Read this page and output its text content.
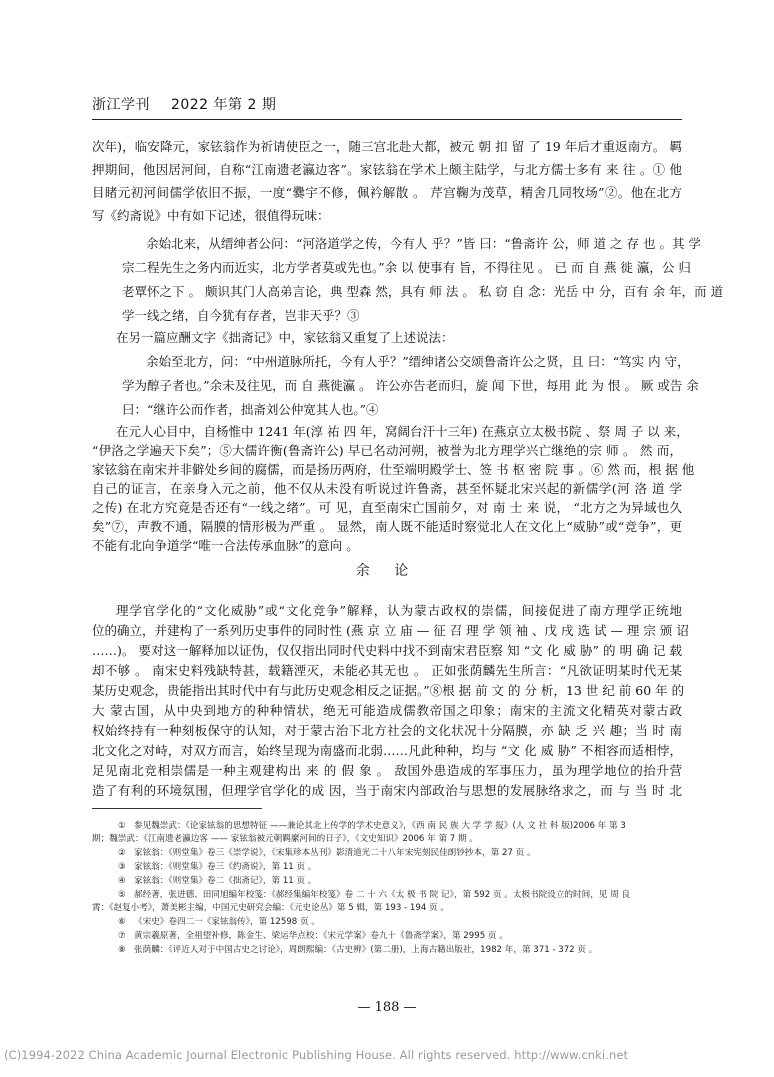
浙江学刊 2022 年第 2 期
次年)，临安降元，家铉翁作为祈请使臣之一，随三宫北赴大都，被元 朝 扣 留 了 19 年后才重返南方。 羁
押期间，他因居河间，自称“江南遗老瀛边客”。家铉翁在学术上颇主陆学，与北方儒士多有 来 往 。① 他
目睹元初河间儒学依旧不振，一度“爨宇不修，佩衿解散 。 芹宫鞠为茂草，精舍几同牧场”②。他在北方
写《约斋说》中有如下记述，很值得玩味：
余始北来，从缙绅者公问：“河洛道学之传，今有人 乎？”皆 曰：“鲁斋许 公，师 道 之 存 也 。其 学
宗二程先生之务内而近实，北方学者莫或先也。”余 以 使事有 旨，不得往见 。 已 而 自 燕 徙 瀛，公 归
老覃怀之下 。 颇识其门人高弟言论，典 型森 然，具有 师 法 。 私 窃 自 念：光岳 中 分，百有 余 年，而 道
学一线之绪，自今犹有存者，岂非天乎？③
在另一篇应酬文字《拙斋记》中，家铉翁又重复了上述说法：
余始至北方，问：“中州道脉所托，今有人乎？”缙绅诸公交颂鲁斋许公之贤，且 曰：“笃实 内 守，
学为醇子者也。”余未及往见，而 自 燕徙瀛 。 许公亦告老而归，旋 闻 下世，每用 此 为 恨 。 厥 或告 余
曰：“继许公而作者，拙斋刘公仲宽其人也。”④
在元人心目中，自杨惟中 1241 年(淳 祐 四 年，窝阔台汗十三年) 在燕京立太极书院 、祭 周 子 以 来，
“伊洛之学遍天下矣”；⑤大儒许衡(鲁斋许公) 早已名动河朔，被誉为北方理学兴亡继绝的宗 师 。 然 而，
家铉翁在南宋并非僻处乡间的腐儒，而是扬历两府，仕至端明殿学士、签 书 枢 密 院 事 。⑥ 然 而，根 据 他
自己的证言，在亲身入元之前，他不仅从未没有听说过许鲁斋，甚至怀疑北宋兴起的新儒学(河 洛 道 学
之传) 在北方究竟是否还有“一线之绪”。可 见，直至南宋亡国前夕，对 南 士 来 说， “北方之为异域也久
余 论
理学官学化的“文化威胁”或“文化竞争”解释，认为蒙古政权的崇儒，间接促进了南方理学正统地
位的确立，并建构了一系列历史事件的同时性 (燕 京 立 庙 — 征 召 理 学 领 袖 、戊 戌 选 试 — 理 宗 颁 诏
……)。 要对这一解释加以证伪，仅仅指出同时代史料中找不到南宋君臣察 知 “文 化 威 胁” 的 明 确 记 载
却不够 。 南宋史料残缺特甚，载籍湮灭，未能必其无也 。 正如张荫麟先生所言：“凡欲证明某时代无某
某历史观念，贵能指出其时代中有与此历史观念相反之证据。”⑧根 据 前 文 的 分 析，13 世 纪 前 60 年 的
大 蒙古国，从中央到地方的种种情状，绝无可能造成儒教帝国之印象；南宋的主流文化精英对蒙古政
权始终持有一种刻板保守的认知，对于蒙古治下北方社会的文化状况十分隔膜，亦 缺 乏 兴 趣；当 时 南
北文化之对峙，对双方而言，始终呈现为南盛而北弱……凡此种种，均与 “文 化 威 胁” 不相容而适相悖，
① 参见魏崇武：《论家铉翁的思想特征 ——兼论其北上传学的学术史意义》，《西 南 民 族 大 学 学 报》(人 文 社 科 版)2006 年 第 3
期；魏崇武：《江南遗老瀛边客 —— 家铉翁被元朝羁縻河间的日子》，《文史知识》2006 年 第 7 期 。
② 家铉翁：《则堂集》卷三《崇学说》，《宋集珍本丛刊》影清道光二十八年宋宪刻民佳朗钞抄本，第 27 页 。
③ 家铉翁：《则堂集》卷三《约斋说》，第 11 页 。
④ 家铉翁：《则堂集》卷二《拙斋记》，第 11 页 。
⑤ 郝经著，张进德、田同旭编年校笺：《郝经集编年校笺》卷 二 十 六《太 极 书 院 记》，第 592 页 。太极书院设立的时间，见 周 良
霄：《赵复小考》，萧美彬主编，中国元史研究会编：《元史论丛》第 5 辑，第 193 - 194 页 。
⑥ 《宋史》卷四二一《家铉翁传》，第 12598 页 。
⑦ 黄宗羲原著，全祖望补修，陈金生、梁运华点校：《宋元学案》卷九十《鲁斋学案》，第 2995 页 。
⑧ 张荫麟：《评近人对于中国古史之讨论》，周朗熙编：《古史辨》(第二册)，上海古籍出版社，1982 年，第 371 - 372 页 。
— 188 —
(C)1994-2022 China Academic Journal Electronic Publishing House. All rights reserved. http://www.cnki.net
矣”⑦，声教不通，隔膜的情形极为严重 。 显然，南人既不能适时察觉北人在文化上“威胁”或“竞争”，更
不能有北向争道学“唯一合法传承血脉”的意向 。
足见南北竞相崇儒是一种主观建构出 来 的 假 象 。 敌国外患造成的军事压力，虽为理学地位的抬升营
造了有利的环境氛围，但理学官学化的成 因，当于南宋内部政治与思想的发展脉络求之，而 与 当 时 北
